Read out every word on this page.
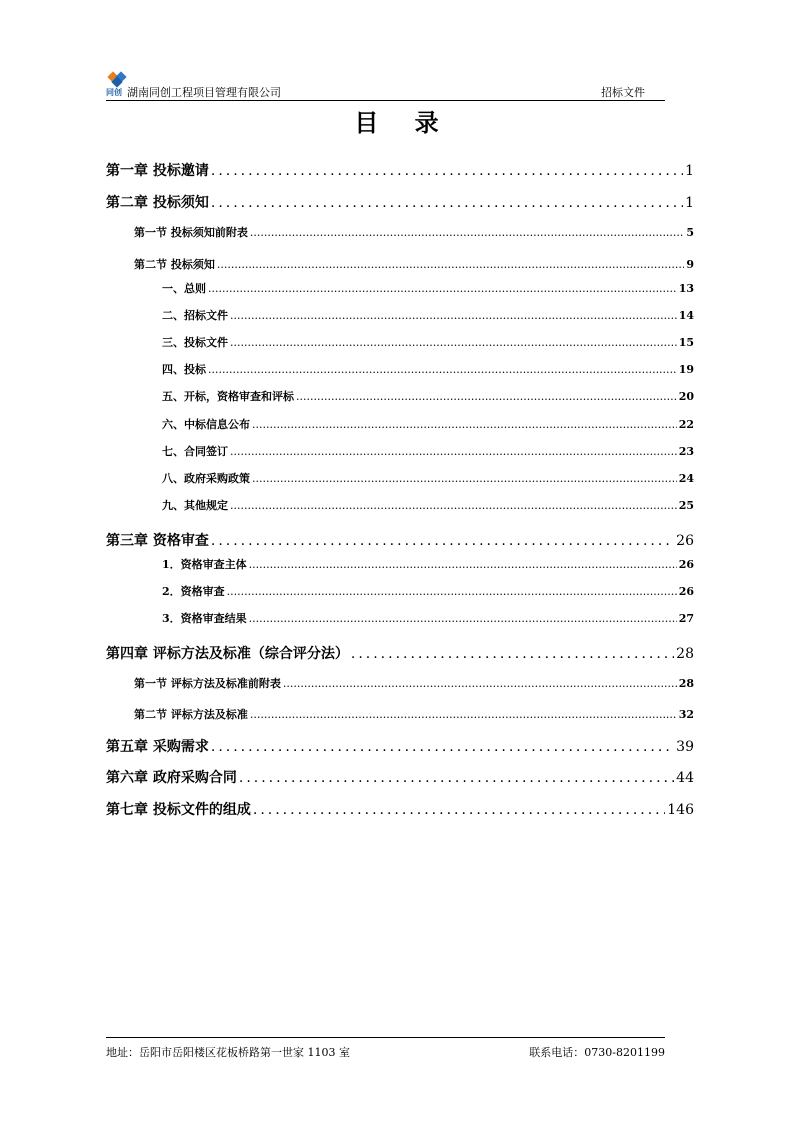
同创 湖南同创工程项目管理有限公司	招标文件
目 录
第一章 投标邀请 .....	1
第二章 投标须知 .....	1
第一节 投标须知前附表 .....	5
第二节 投标须知 .....	9
一、总则 .....	13
二、招标文件 .....	14
三、投标文件 .....	15
四、投标 .....	19
五、开标，资格审查和评标 .....	20
六、中标信息公布 .....	22
七、合同签订 .....	23
八、政府采购政策 .....	24
九、其他规定 .....	25
第三章 资格审查 .....	26
1．资格审查主体 .....	26
2．资格审查 .....	26
3．资格审查结果 .....	27
第四章 评标方法及标准（综合评分法） .....	28
第一节 评标方法及标准前附表 .....	28
第二节 评标方法及标准 .....	32
第五章 采购需求 .....	39
第六章 政府采购合同 .....	44
第七章 投标文件的组成 .....	146
地址：岳阳市岳阳楼区花板桥路第一世家 1103 室	联系电话：0730-8201199
